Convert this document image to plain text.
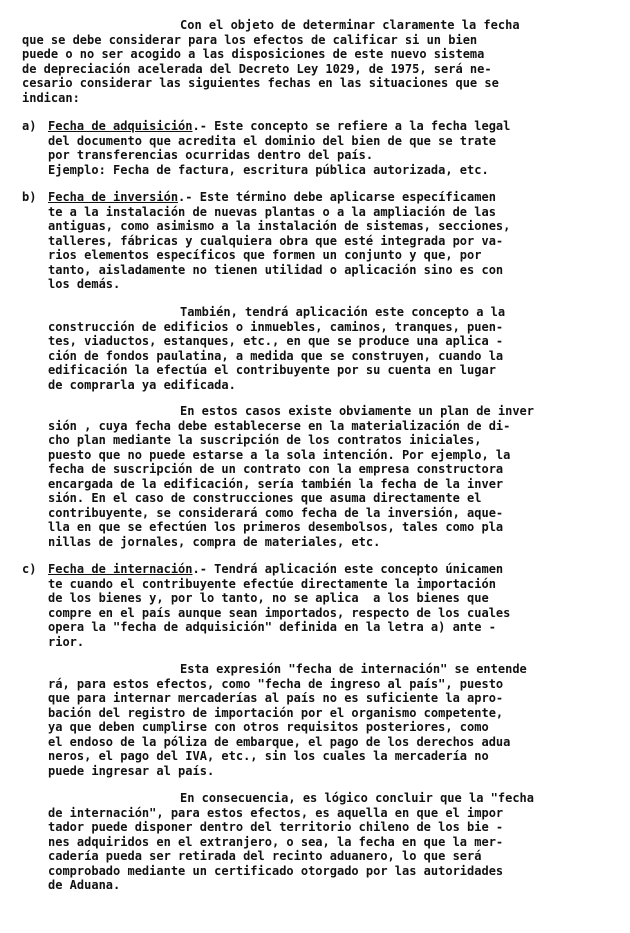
Con el objeto de determinar claramente la fecha
que se debe considerar para los efectos de calificar si un bien
puede o no ser acogido a las disposiciones de este nuevo sistema
de depreciación acelerada del Decreto Ley 1029, de 1975, será ne-
cesario considerar las siguientes fechas en las situaciones que se
indican:
a) Fecha de adquisición.- Este concepto se refiere a la fecha legal
del documento que acredita el dominio del bien de que se trate
por transferencias ocurridas dentro del país.
Ejemplo: Fecha de factura, escritura pública autorizada, etc.
b) Fecha de inversión.- Este término debe aplicarse específicamen
te a la instalación de nuevas plantas o a la ampliación de las
antiguas, como asimismo a la instalación de sistemas, secciones,
talleres, fábricas y cualquiera obra que esté integrada por va-
rios elementos específicos que formen un conjunto y que, por
tanto, aisladamente no tienen utilidad o aplicación sino es con
los demás.
También, tendrá aplicación este concepto a la
construcción de edificios o inmuebles, caminos, tranques, puen-
tes, viaductos, estanques, etc., en que se produce una aplica -
ción de fondos paulatina, a medida que se construyen, cuando la
edificación la efectúa el contribuyente por su cuenta en lugar
de comprarla ya edificada.
En estos casos existe obviamente un plan de inver
sión , cuya fecha debe establecerse en la materialización de di-
cho plan mediante la suscripción de los contratos iniciales,
puesto que no puede estarse a la sola intención. Por ejemplo, la
fecha de suscripción de un contrato con la empresa constructora
encargada de la edificación, sería también la fecha de la inver
sión. En el caso de construcciones que asuma directamente el
contribuyente, se considerará como fecha de la inversión, aque-
lla en que se efectúen los primeros desembolsos, tales como pla
nillas de jornales, compra de materiales, etc.
c) Fecha de internación.- Tendrá aplicación este concepto únicamen
te cuando el contribuyente efectúe directamente la importación
de los bienes y, por lo tanto, no se aplica  a los bienes que
compre en el país aunque sean importados, respecto de los cuales
opera la "fecha de adquisición" definida en la letra a) ante -
rior.
Esta expresión "fecha de internación" se entende
rá, para estos efectos, como "fecha de ingreso al país", puesto
que para internar mercaderías al país no es suficiente la apro-
bación del registro de importación por el organismo competente,
ya que deben cumplirse con otros requisitos posteriores, como
el endoso de la póliza de embarque, el pago de los derechos adua
neros, el pago del IVA, etc., sin los cuales la mercadería no
puede ingresar al país.
En consecuencia, es lógico concluir que la "fecha
de internación", para estos efectos, es aquella en que el impor
tador puede disponer dentro del territorio chileno de los bie -
nes adquiridos en el extranjero, o sea, la fecha en que la mer-
cadería pueda ser retirada del recinto aduanero, lo que será
comprobado mediante un certificado otorgado por las autoridades
de Aduana.
